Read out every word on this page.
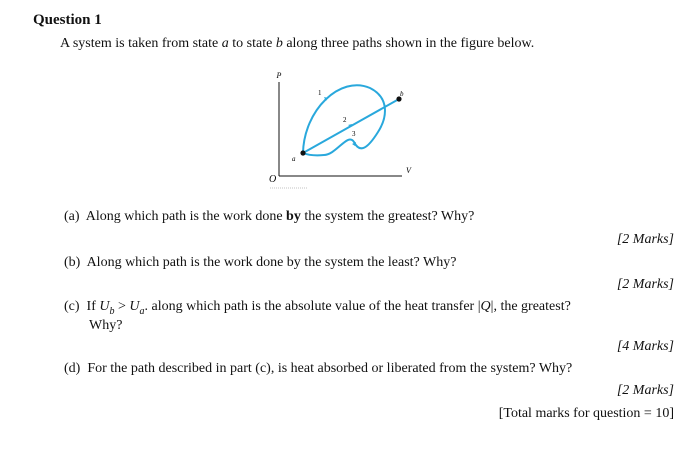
Question 1
A system is taken from state a to state b along three paths shown in the figure below.
P
V
O
a
b
1
2
3
(a) Along which path is the work done by the system the greatest? Why?
[2 Marks]
(b) Along which path is the work done by the system the least? Why?
[2 Marks]
(c) If $U_b > U_a$. along which path is the absolute value of the heat transfer |Q|, the greatest?
Why?
[4 Marks]
(d) For the path described in part (c), is heat absorbed or liberated from the system? Why?
[2 Marks]
[Total marks for question = 10]
